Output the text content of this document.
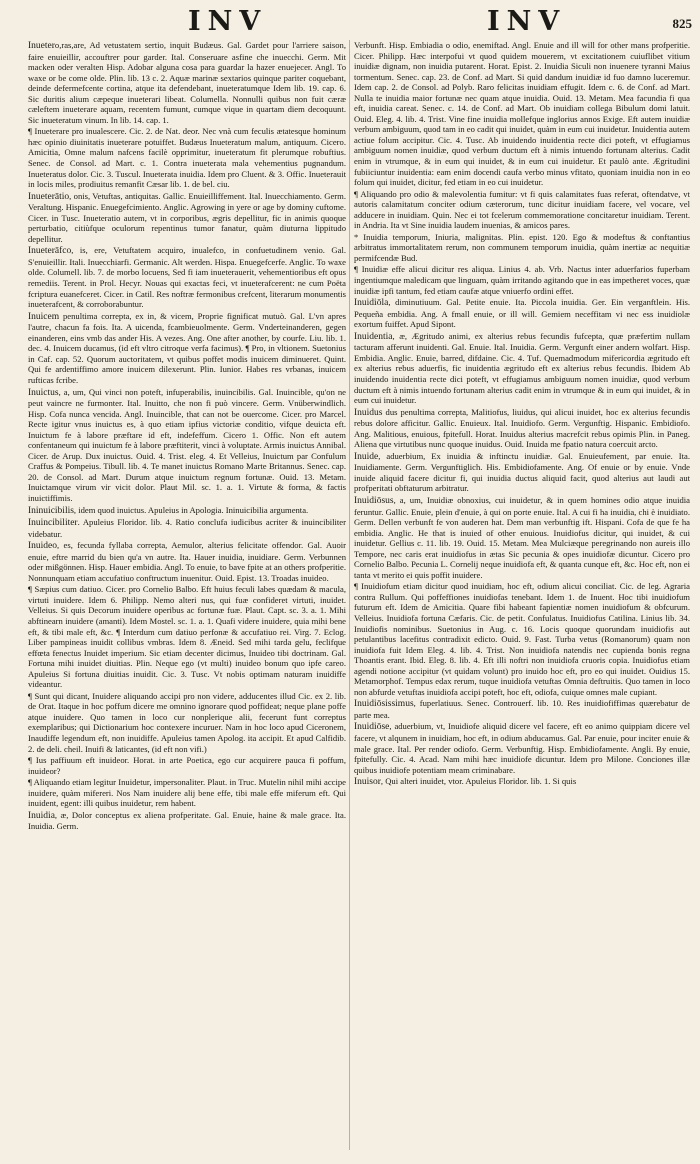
INV	INV	825

Inuetero,ras,are, Ad vetustatem sertio, inquit Budæus. Gal. Gardet pour l'arriere saison, faire enuieillir, accouftrer pour garder. Ital. Conseruare asfine che inuecchi. Germ. Mit macken oder veralten Hisp. Adobar alguna cosa para guardar la hazer enuejecer. Angl. To waxe or be come olde. Plin. lib. 13 c. 2. Aquæ marinæ sextarios quinque pariter coquebant, deinde defermefcente cortina, atque ita defendebant, inueteratumque Idem lib. 19. cap. 6. Sic duritis alium cæpeque inueterari libeat. Columella. Nonnulli quibus non fuit cæræ cæleftem inueterare aquam, recentem fumunt, cumque vique in quartam diem decoquunt. Sic inueteratum vinum. In lib. 14. cap. 1.

¶ Inueterare pro inualescere. Cic. 2. de Nat. deor. Nec vnà cum feculis ætatesque hominum hæc opinio diuinitatis inueterare potuiffet. Budæus Inueteratum malum, antiquum. Cicero. Amicitia, Omne malum nafcens facilè opprimitur, inueteratum fit plerumque robuftius. Senec. de Consol. ad Mart. c. 1. Contra inueterata mala vehementius pugnandum. Inueteratus dolor. Cic. 3. Tuscul. Inueterata inuidia. Idem pro Cluent. & 3. Offic. Inueterauit in locis miles, prodiuitus remanfit Cæsar lib. 1. de bel. ciu.

Inueterātio, onis, Vetuftas, antiquitas. Gallic. Enuieilliffement. Ital. Inuecchiamento. Germ. Veraltung. Hispanic. Enuegefcimiento. Anglic. Agrowing in yere or age by dominy cuftome. Cicer. in Tusc. Inueteratio autem, vt in corporibus, ægris depellitur, fic in animis quoque perturbatio, citiùfque oculorum repentinus tumor fanatur, quàm diuturna lippitudo depellitur.

Inueterāfco, is, ere, Vetuftatem acquiro, inualefco, in confuetudinem venio. Gal. S'enuieillir. Itali. Inuecchiarfi. Germanic. Alt werden. Hispa. Enuegefcerfe. Anglic. To waxe olde. Columell. lib. 7. de morbo locuens, Sed fi iam inueterauerit, vehementioribus eft opus remediis. Terent. in Prol. Hecyr. Nouas qui exactas feci, vt inueterafcerent: ne cum Poëta fcriptura euanefceret. Cicer. in Catil. Res noftræ fermonibus crefcent, literarum monumentis inueterafcent, & corroborabuntur.

Inuicem penultima correpta, ex in, & vicem, Proprie fignificat mutuò. Gal. L'vn apres l'autre, chacun fa fois. Ita. A uicenda, fcambieuolmente. Germ. Vnderteinanderen, gegen einanderen, eins vmb das ander His. A vezes. Ang. One after another, by courfe. Liu. lib. 1. dec. 4. Inuicem ducamus, (id eft vltro citroque verfa facimus). ¶ Pro, in vltionem. Suetonius in Caf. cap. 52. Quorum auctoritatem, vt quibus poffet modis inuicem diminueret. Quint. Qui fe ardentiffimo amore inuicem dilexerunt. Plin. Iunior. Habes res vrbanas, inuicem rufticas fcribe.

Inuictus, a, um, Qui vinci non poteft, infuperabilis, inuincibilis. Gal. Inuincible, qu'on ne peut vaincre ne furmonter. Ital. Inuitto, che non fi può vincere. Germ. Vnüberwindlich. Hisp. Cofa nunca vencida. Angl. Inuincible, that can not be ouercome. Cicer. pro Marcel. Recte igitur vnus inuictus es, à quo etiam ipfius victoriæ conditio, vifque deuicta eft. Inuictum fe à labore præftare id eft, indefeffum. Cicero 1. Offic. Non eft autem confentaneum qui inuictum fe à labore præftiterit, vinci à voluptate. Armis inuictus Annibal. Cicer. de Arup. Dux inuictus. Ouid. 4. Trist. eleg. 4. Et Velleius, Inuictum par Confulum Craffus & Pompeius. Tibull. lib. 4. Te manet inuictus Romano Marte Britannus. Senec. cap. 20. de Consol. ad Mart. Durum atque inuictum regnum fortunæ. Ouid. 13. Metam. Inuictamque virum vir vicit dolor. Plaut Mil. sc. 1. a. 1. Virtute & forma, & factis inuictiffimis.

Ininuicibilis, idem quod inuictus. Apuleius in Apologia. Ininuicibilia argumenta.

Inuincibiliter. Apuleius Floridor. lib. 4. Ratio conclufa iudicibus acriter & inuincibiliter videbatur.

Inuideo, es, fecunda fyllaba correpta, Aemulor, alterius felicitate offendor. Gal. Auoir enuie, eftre marrid du bien qu'a vn autre. Ita. Hauer inuidia, inuidiare. Germ. Verbunnen oder mißgönnen. Hisp. Hauer embidia. Angl. To enuie, to bave fpite at an others profperitie. Nonnunquam etiam accufatiuo conftructum inuenitur. Ouid. Epist. 13. Troadas inuideo.

¶ Sæpius cum datiuo. Cicer. pro Cornelio Balbo. Eft huius feculi labes quædam & macula, virtuti inuidere. Idem 6. Philipp. Nemo alteri nus, qui fuæ confideret virtuti, inuidet. Velleius. Si quis Decorum inuidere operibus ac fortunæ fuæ. Plaut. Capt. sc. 3. a. 1. Mihi abftinearn inuidere (amanti). Idem Mostel. sc. 1. a. 1. Quafi videre inuidere, quia mihi bene eft, & tibi male eft, &c. ¶ Interdum cum datiuo perfonæ & accufatiuo rei. Virg. 7. Eclog. Liber pampineas inuidit collibus vmbras. Idem 8. Æneid. Sed mihi tarda gelu, feclifque effœta fenectus Inuidet imperium. Sic etiam decenter dicimus, Inuideo tibi doctrinam. Gal. Fortuna mihi inuidet diuitias. Plin. Neque ego (vt multi) inuideo bonum quo ipfe careo. Apuleius Si fortuna diuitias inuidit. Cic. 3. Tusc. Vt nobis optimam naturam inuidiffe videantur.

¶ Sunt qui dicant, Inuidere aliquando accipi pro non videre, adducentes illud Cic. ex 2. lib. de Orat. Itaque in hoc poffum dicere me omnino ignorare quod poffideat; neque plane poffe atque inuidere. Quo tamen in loco cur nonplerique alii, fecerunt funt correptus exemplaribus; qui Dictionarium hoc contexere incuruer. Nam in hoc loco apud Ciceronem, Inaudiffe legendum eft, non inuidiffe. Apuleius tamen Apolog. ita accipit. Et apud Calfidib. 2. de deli. cheil. Inuifi & laticantes, (id eft non vifi.)

¶ Ius paffiuum eft inuideor. Horat. in arte Poetica, ego cur acquirere pauca fi poffum, inuideor?

¶ Aliquando etiam legitur Inuidetur, impersonaliter. Plaut. in Truc. Mutelin nihil mihi accipe inuidere, quàm mifereri. Nos Nam inuidere alij bene effe, tibi male effe miferum eft. Qui inuident, egent: illi quibus inuidetur, rem habent.

Inuidia, æ, Dolor conceptus ex aliena profperitate. Gal. Enuie, haine & male grace. Ita. Inuidia. Germ.

Verbunft. Hisp. Embiadia o odio, enemiftad. Angl. Enuie and ill will for other mans profperitie. Cicer. Philipp. Hæc interpofui vt quod quidem mouerem, vt excitationem cuiuflibet vitium inuidiæ dignam, non inuidia putarent. Horat. Epist. 2. Inuidia Siculi non inuenere tyranni Maius tormentum. Senec. cap. 23. de Conf. ad Mart. Si quid dandum inuidiæ id fuo damno luceremur. Idem cap. 2. de Consol. ad Polyb. Raro felicitas inuidiam effugit. Idem c. 6. de Conf. ad Mart. Nulla te inuidia maior fortunæ nec quam atque inuidia. Ouid. 13. Metam. Mea facundia fi qua eft, inuidia careat. Senec. c. 14. de Conf. ad Mart. Ob inuidiam collega Bibulum domi latuit. Ouid. Eleg. 4. lib. 4. Trist. Vine fine inuidia mollefque inglorius annos Exige. Eft autem inuidiæ verbum ambiguum, quod tam in eo cadit qui inuidet, quàm in eum cui inuidetur. Inuidentia autem actiue folum accipitur. Cic. 4. Tusc. Ab inuidendo inuidentia recte dici poteft, vt effugiamus ambiguum nomen inuidiæ, quod verbum ductum eft à nimis intuendo fortunam alterius. Cadit enim in vtrumque, & in eum qui inuidet, & in eum cui inuidetur. Et paulò ante. Ægritudini fubiiciuntur inuidentia: eam enim docendi caufa verbo minus vfitato, quoniam inuidia non in eo folum qui inuidet, dicitur, fed etiam in eo cui inuidetur.

¶ Aliquando pro odio & malevolentia fumitur: vt fi quis calamitates fuas referat, oftendatve, vt autoris calamitatum conciter odium cæterorum, tunc dicitur inuidiam facere, vel vocare, vel adducere in inuidiam. Quin. Nec ei tot fcelerum commemoratione concitaretur inuidiam. Terent. in Andria. Ita vt Sine inuidia laudem inuenias, & amicos pares.

* Inuidia temporum, Iniuria, malignitas. Plin. epist. 120. Ego & modeftus & conftantius arbitratus immortalitatem rerum, non communem temporum inuidia, quàm inertiæ ac nequitiæ permifcendæ Bud.

¶ Inuidiæ effe alicui dicitur res aliqua. Linius 4. ab. Vrb. Nactus inter aduerfarios fuperbam ingentiumque maledicam que linguam, quàm irritando agitando que in eas impetheret voces, quæ inuidiæ ipfi tantum, fed etiam caufæ atque vniuerfo ordini effet.

Inuidiōla, diminutiuum. Gal. Petite enuie. Ita. Piccola inuidia. Ger. Ein verganftlein. His. Pequeña embidia. Ang. A fmall enuie, or ill will. Gemiem neceffitam vi nec ess inuidiolæ exortum fuiffet. Apud Sipont.

Inuidentia, æ, Ægritudo animi, ex alterius rebus fecundis fufcepta, quæ præfertim nullam tacturam afferunt inuidenti. Gal. Enuie. Ital. Inuidia. Germ. Vergunft einer andern wolfart. Hisp. Embidia. Anglic. Enuie, barred, difdaine. Cic. 4. Tuf. Quemadmodum mifericordia ægritudo eft ex alterius rebus aduerfis, fic inuidentia ægritudo eft ex alterius rebus fecundis. Ibidem Ab inuidendo inuidentia recte dici poteft, vt effugiamus ambiguum nomen inuidiæ, quod verbum ductum eft à nimis intuendo fortunam alterius cadit enim in vtrumque & in eum qui inuidet, & in eum cui inuidetur.

Inuidus dus penultima correpta, Malitiofus, liuidus, qui alicui inuidet, hoc ex alterius fecundis rebus dolore afficitur. Gallic. Enuieux. Ital. Inuidiofo. Germ. Vergunftig. Hispanic. Embidiofo. Ang. Malitious, enuious, fpitefull. Horat. Inuidus alterius macrefcit rebus opimis Plin. in Paneg. Aliena que virtutibus nunc quoque inuidus. Ouid. Inuida me fpatio natura coercuit arcto.

Inuide, aduerbium, Ex inuidia & inftinctu inuidiæ. Gal. Enuieufement, par enuie. Ita. Inuidiamente. Germ. Vergunftiglich. His. Embidiofamente. Ang. Of enuie or by enuie. Vnde inuide aliquid facere dicitur fi, qui inuidia ductus aliquid facit, quod alterius aut laudi aut profperitati obftaturum arbitratur.

Inuidiōsus, a, um, Inuidiæ obnoxius, cui inuidetur, & in quem homines odio atque inuidia feruntur. Gallic. Enuie, plein d'enuie, à qui on porte enuie. Ital. A cui fi ha inuidia, chi è inuidiato. Germ. Dellen verbunft fe von auderen hat. Dem man verbunftig ift. Hispani. Cofa de que fe ha embidia. Anglic. He that is inuied of other enuious. Inuidiofus dicitur, qui inuidet, & cui inuidetur. Gellius c. 11. lib. 19. Ouid. 15. Metam. Mea Mulciæque peregrinando non aureis illo Tempore, nec caris erat inuidiofus in ætas Sic pecunia & opes inuidiofæ dicuntur. Cicero pro Cornelio Balbo. Pecunia L. Cornelij neque inuidiofa eft, & quanta cunque eft, &c. Hoc eft, non ei tanta vt merito ei quis poffit inuidere.

¶ Inuidiofum etiam dicitur quod inuidiam, hoc eft, odium alicui conciliat. Cic. de leg. Agraria contra Rullum. Qui poffeffiones inuidiofas tenebant. Idem 1. de Inuent. Hoc tibi inuidiofum futurum eft. Idem de Amicitia. Quare fibi habeant fapientiæ nomen inuidiofum & obfcurum. Velleius. Inuidiofa fortuna Cæfaris. Cic. de petit. Confulatus. Inuidiofus Catilina. Linius lib. 34. Inuidiofis nominibus. Suetonius in Aug. c. 16. Locis quoque quorundam inuidiofis aut petulantibus lacefitus contradixit edicto. Ouid. 9. Fast. Turba vetus (Romanorum) quam non inuidiofa fuit Idem Eleg. 4. lib. 4. Trist. Non inuidiofa natendis nec cupienda bonis regna Thoantis erant. Ibid. Eleg. 8. lib. 4. Eft illi noftri non inuidiofa cruoris copia. Inuidiofus etiam agendi notione accipitur (vt quidam volunt) pro inuido hoc eft, pro eo qui inuidet. Ouidius 15. Metamorphof. Tempus edax rerum, tuque inuidiofa vetuftas Omnia deftruitis. Quo tamen in loco non abfurde vetuftas inuidiofa accipi poteft, hoc eft, odiofa, cuique omnes male cupiant.

Inuidiōsissimus, fuperlatiuus. Senec. Controuerf. lib. 10. Res inuidiofiffimas quærebatur de parte mea.

Inuidiōse, aduerbium, vt, Inuidiofe aliquid dicere vel facere, eft eo animo quippiam dicere vel facere, vt alqunem in inuidiam, hoc eft, in odium abducamus. Gal. Par enuie, pour inciter enuie & male grace. Ital. Per render odiofo. Germ. Verbunftig. Hisp. Embidiofamente. Angli. By enuie, fpitefully. Cic. 4. Acad. Nam mihi hæc inuidiofe dicuntur. Idem pro Milone. Conciones illæ quibus inuidiofe potentiam meam criminabare.

Inuisor, Qui alteri inuidet, vtor. Apuleius Floridor. lib. 1. Si quis
